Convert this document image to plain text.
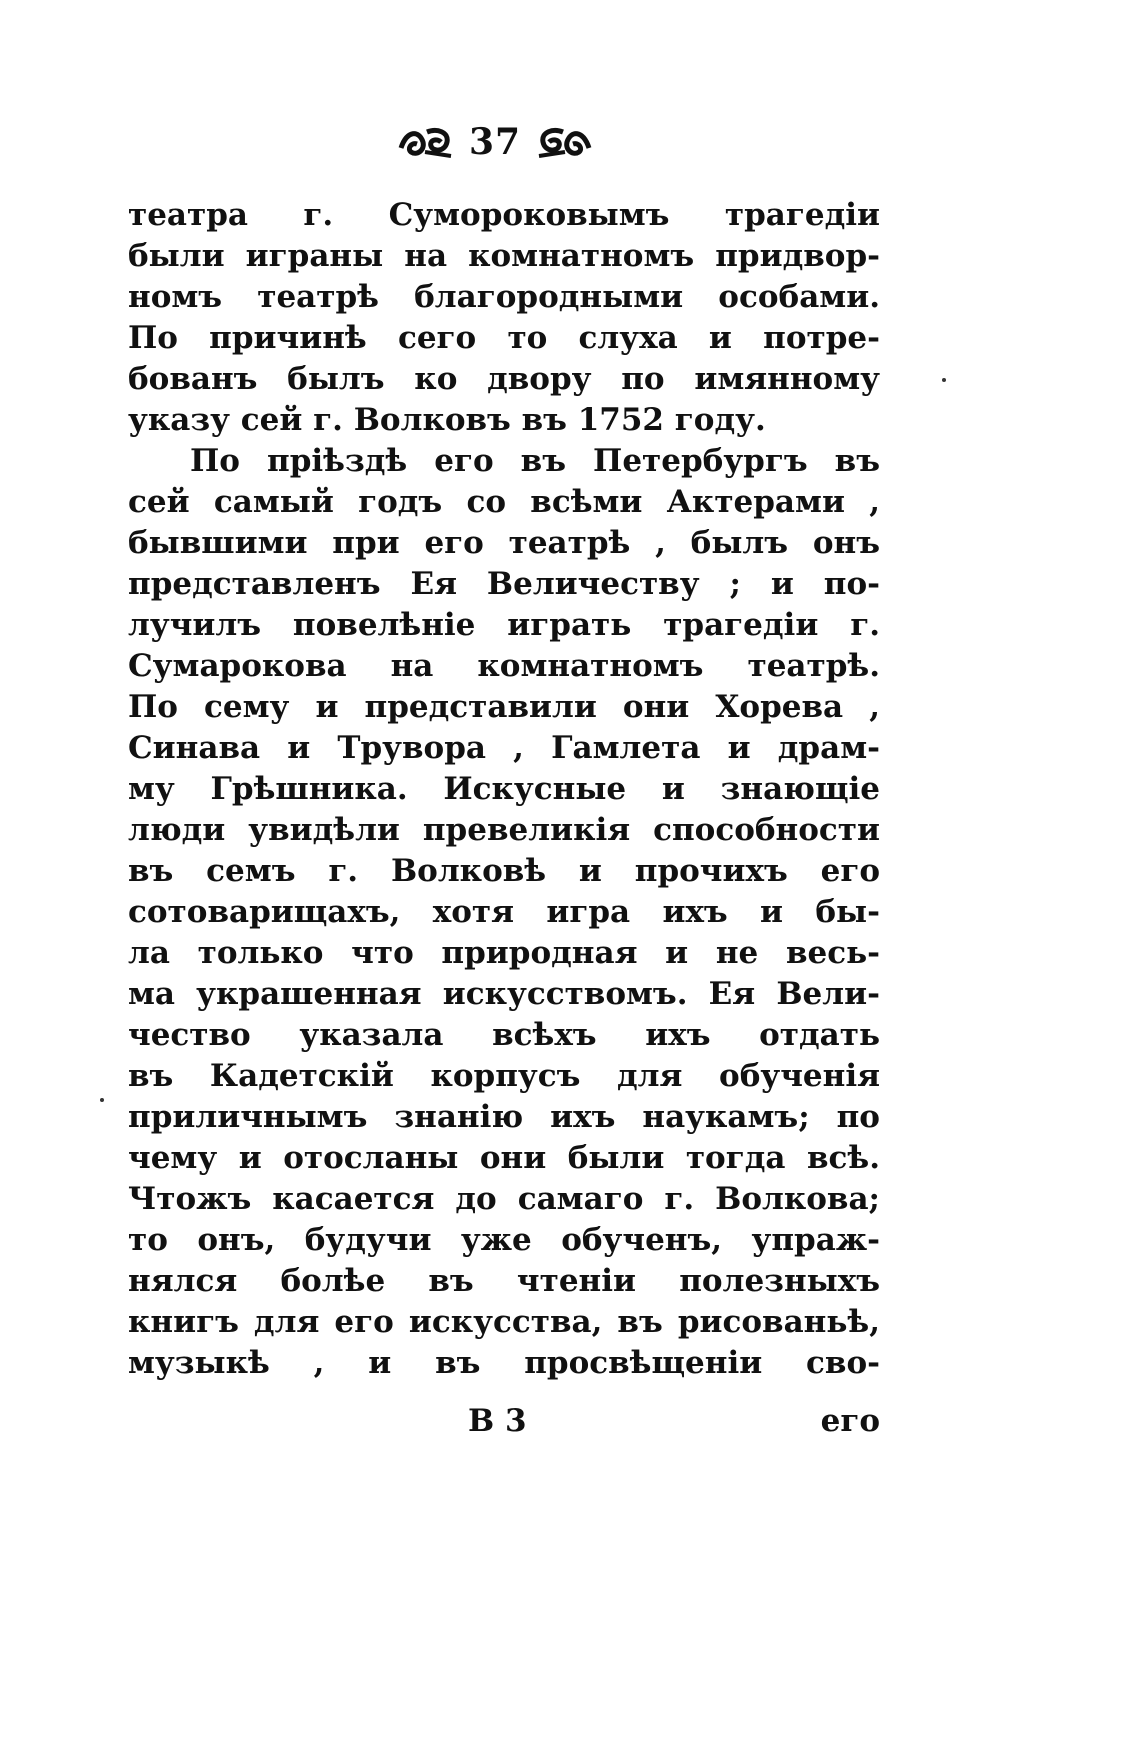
37
театра г. Сумороковымъ трагедiи
были играны на комнатномъ придвор-
номъ театрѣ благородными особами.
По причинѣ сего то слуха и потре-
бованъ былъ ко двору по имянному
указу сей г. Волковъ въ 1752 году.
По прiѣздѣ его въ Петербургъ въ
сей самый годъ со всѣми Актерами ,
бывшими при его театрѣ , былъ онъ
представленъ Ея Величеству ; и по-
лучилъ повелѣнiе играть трагедiи г.
Сумарокова на комнатномъ театрѣ.
По сему и представили они Хорева ,
Синава и Трувора , Гамлета и драм-
му Грѣшника. Искусные и знающiе
люди увидѣли превеликiя способности
въ семъ г. Волковѣ и прочихъ его
сотоварищахъ, хотя игра ихъ и бы-
ла только что природная и не весь-
ма украшенная искусствомъ. Ея Вели-
чество указала всѣхъ ихъ отдать
въ Кадетскiй корпусъ для обученiя
приличнымъ знанiю ихъ наукамъ; по
чему и отосланы они были тогда всѣ.
Чтожъ касается до самаго г. Волкова;
то онъ, будучи уже обученъ, упраж-
нялся болѣе въ чтенiи полезныхъ
книгъ для его искусства, въ рисованьѣ,
музыкѣ , и въ просвѣщенiи сво-
В 3	его
